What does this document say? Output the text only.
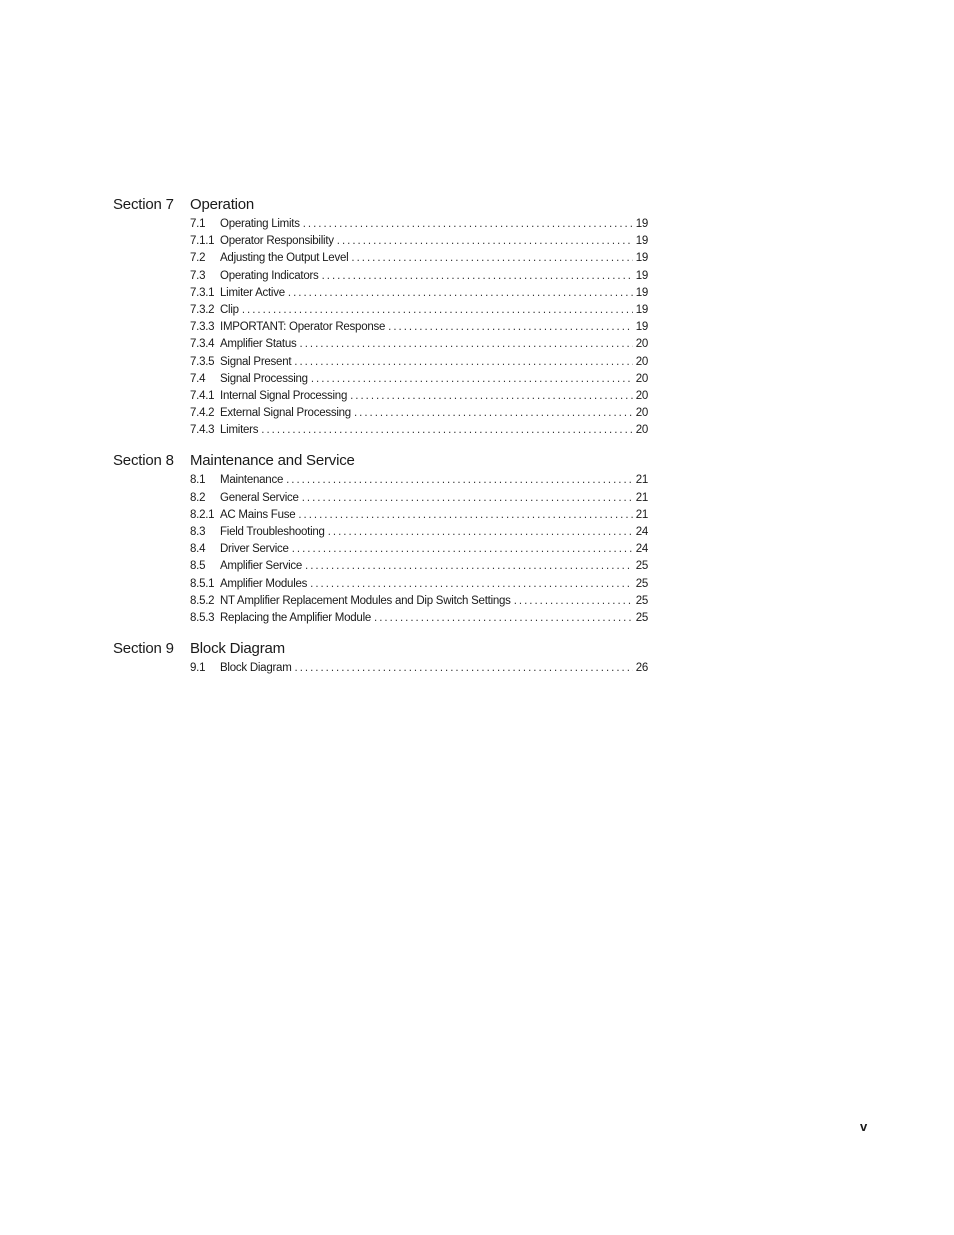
Section 7	Operation
7.1	Operating Limits . . .	19
7.1.1 Operator Responsibility . . .	19
7.2	Adjusting the Output Level . . .	19
7.3	Operating Indicators . . .	19
7.3.1 Limiter Active . . .	19
7.3.2 Clip . . .	19
7.3.3 IMPORTANT: Operator Response . . .	19
7.3.4 Amplifier Status . . .	20
7.3.5 Signal Present . . .	20
7.4	Signal Processing . . .	20
7.4.1 Internal Signal Processing . . .	20
7.4.2 External Signal Processing . . .	20
7.4.3 Limiters . . .	20
Section 8	Maintenance and Service
8.1	Maintenance . . .	21
8.2	General Service . . .	21
8.2.1 AC Mains Fuse . . .	21
8.3	Field Troubleshooting . . .	24
8.4	Driver Service . . .	24
8.5	Amplifier Service . . .	25
8.5.1 Amplifier Modules . . .	25
8.5.2 NT Amplifier Replacement Modules and Dip Switch Settings . . .	25
8.5.3 Replacing the Amplifier Module . . .	25
Section 9	Block Diagram
9.1	Block Diagram . . .	26
v
